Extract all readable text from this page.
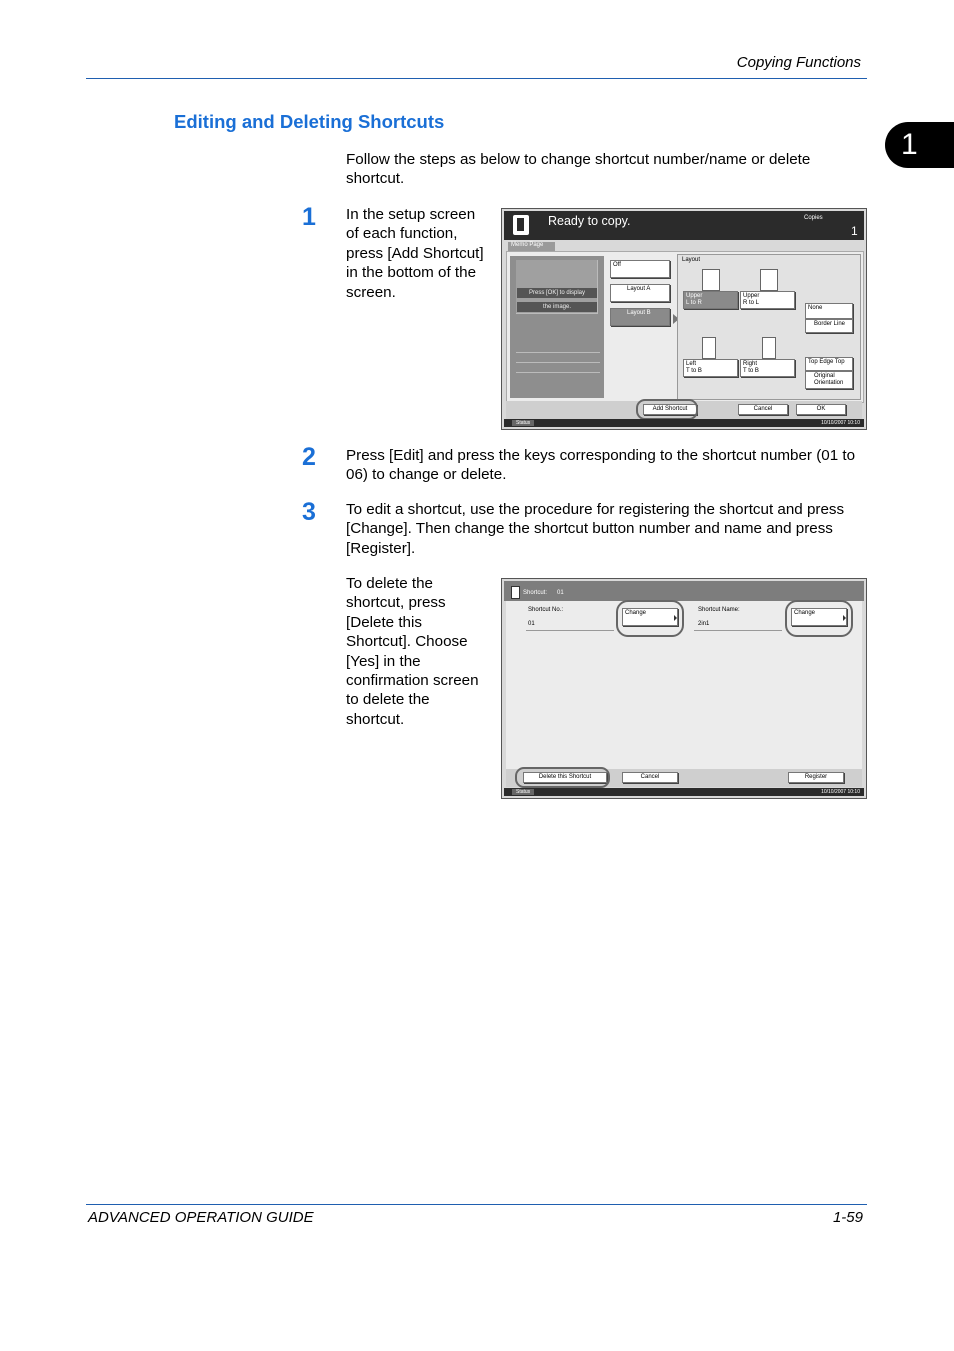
Copying Functions
1
Editing and Deleting Shortcuts
Follow the steps as below to change shortcut number/name or delete shortcut.
1 In the setup screen of each function, press [Add Shortcut] in the bottom of the screen.
Ready to copy.	Copies
1
Memo Page
Press [OK] to display
the image.
Off
Layout A
Layout B
Layout
Upper
L to R
Upper
R to L
Left
T to B
Right
T to B
None
Border Line
Top Edge Top
Original Orientation
Add Shortcut	Cancel	OK
Status	10/10/2007 10:10
2 Press [Edit] and press the keys corresponding to the shortcut number (01 to 06) to change or delete.
3 To edit a shortcut, use the procedure for registering the shortcut and press [Change]. Then change the shortcut button number and name and press [Register].
To delete the shortcut, press [Delete this Shortcut]. Choose [Yes] in the confirmation screen to delete the shortcut.
Shortcut: 01
Shortcut No.:
01
Change	Shortcut Name:
2in1
Change
Delete this Shortcut	Cancel	Register
Status	10/10/2007 10:10
ADVANCED OPERATION GUIDE	1-59
